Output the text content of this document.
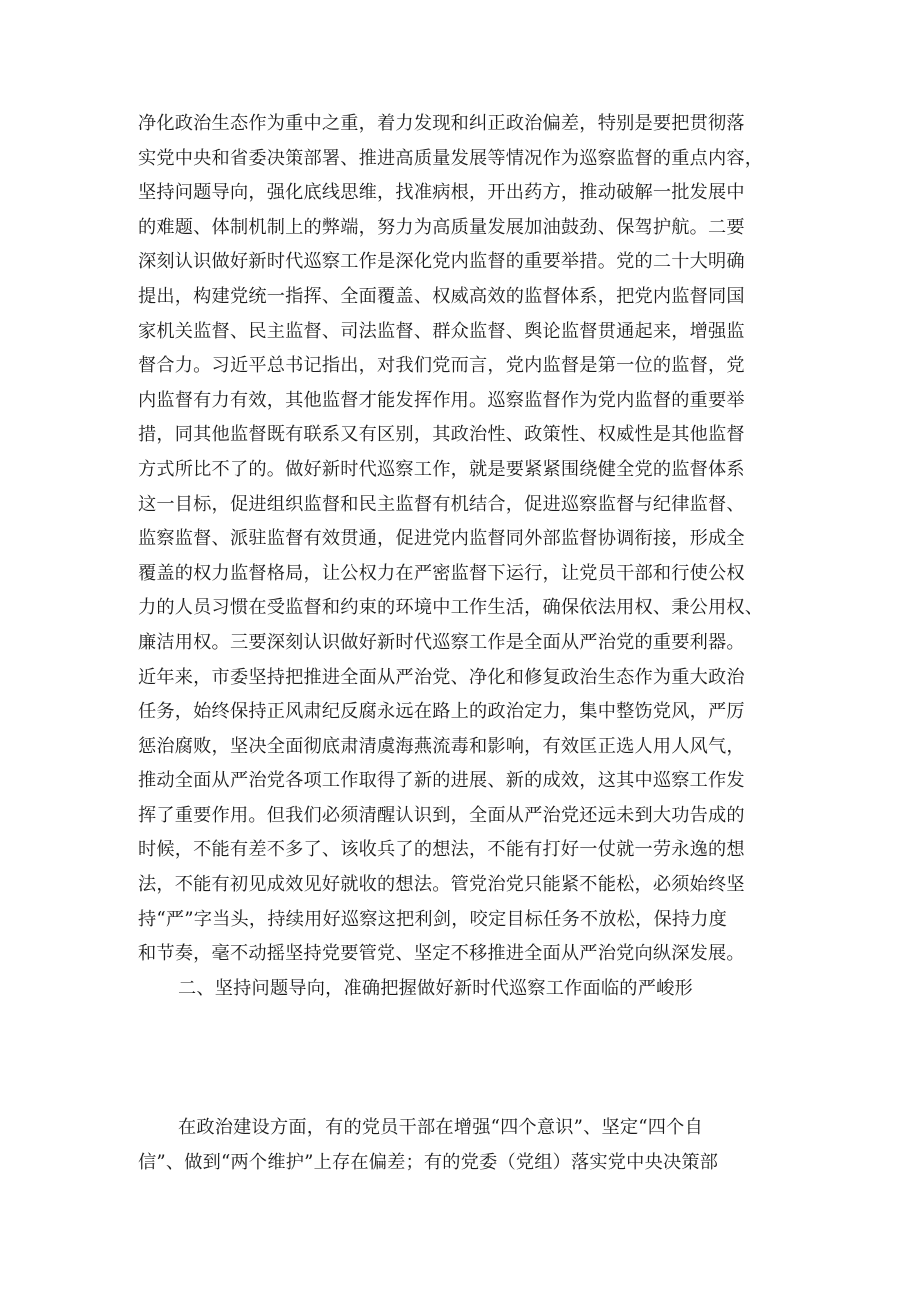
净化政治生态作为重中之重，着力发现和纠正政治偏差，特别是要把贯彻落
实党中央和省委决策部署、推进高质量发展等情况作为巡察监督的重点内容，
坚持问题导向，强化底线思维，找准病根，开出药方，推动破解一批发展中
的难题、体制机制上的弊端，努力为高质量发展加油鼓劲、保驾护航。二要
深刻认识做好新时代巡察工作是深化党内监督的重要举措。党的二十大明确
提出，构建党统一指挥、全面覆盖、权威高效的监督体系，把党内监督同国
家机关监督、民主监督、司法监督、群众监督、舆论监督贯通起来，增强监
督合力。习近平总书记指出，对我们党而言，党内监督是第一位的监督，党
内监督有力有效，其他监督才能发挥作用。巡察监督作为党内监督的重要举
措，同其他监督既有联系又有区别，其政治性、政策性、权威性是其他监督
方式所比不了的。做好新时代巡察工作，就是要紧紧围绕健全党的监督体系
这一目标，促进组织监督和民主监督有机结合，促进巡察监督与纪律监督、
监察监督、派驻监督有效贯通，促进党内监督同外部监督协调衔接，形成全
覆盖的权力监督格局，让公权力在严密监督下运行，让党员干部和行使公权
力的人员习惯在受监督和约束的环境中工作生活，确保依法用权、秉公用权、
廉洁用权。三要深刻认识做好新时代巡察工作是全面从严治党的重要利器。
近年来，市委坚持把推进全面从严治党、净化和修复政治生态作为重大政治
任务，始终保持正风肃纪反腐永远在路上的政治定力，集中整饬党风，严厉
惩治腐败，坚决全面彻底肃清虞海燕流毒和影响，有效匡正选人用人风气，
推动全面从严治党各项工作取得了新的进展、新的成效，这其中巡察工作发
挥了重要作用。但我们必须清醒认识到，全面从严治党还远未到大功告成的
时候，不能有差不多了、该收兵了的想法，不能有打好一仗就一劳永逸的想
法，不能有初见成效见好就收的想法。管党治党只能紧不能松，必须始终坚
持“严”字当头，持续用好巡察这把利剑，咬定目标任务不放松，保持力度
和节奏，毫不动摇坚持党要管党、坚定不移推进全面从严治党向纵深发展。
二、坚持问题导向，准确把握做好新时代巡察工作面临的严峻形
在政治建设方面，有的党员干部在增强“四个意识”、坚定“四个自
信”、做到“两个维护”上存在偏差；有的党委（党组）落实党中央决策部
